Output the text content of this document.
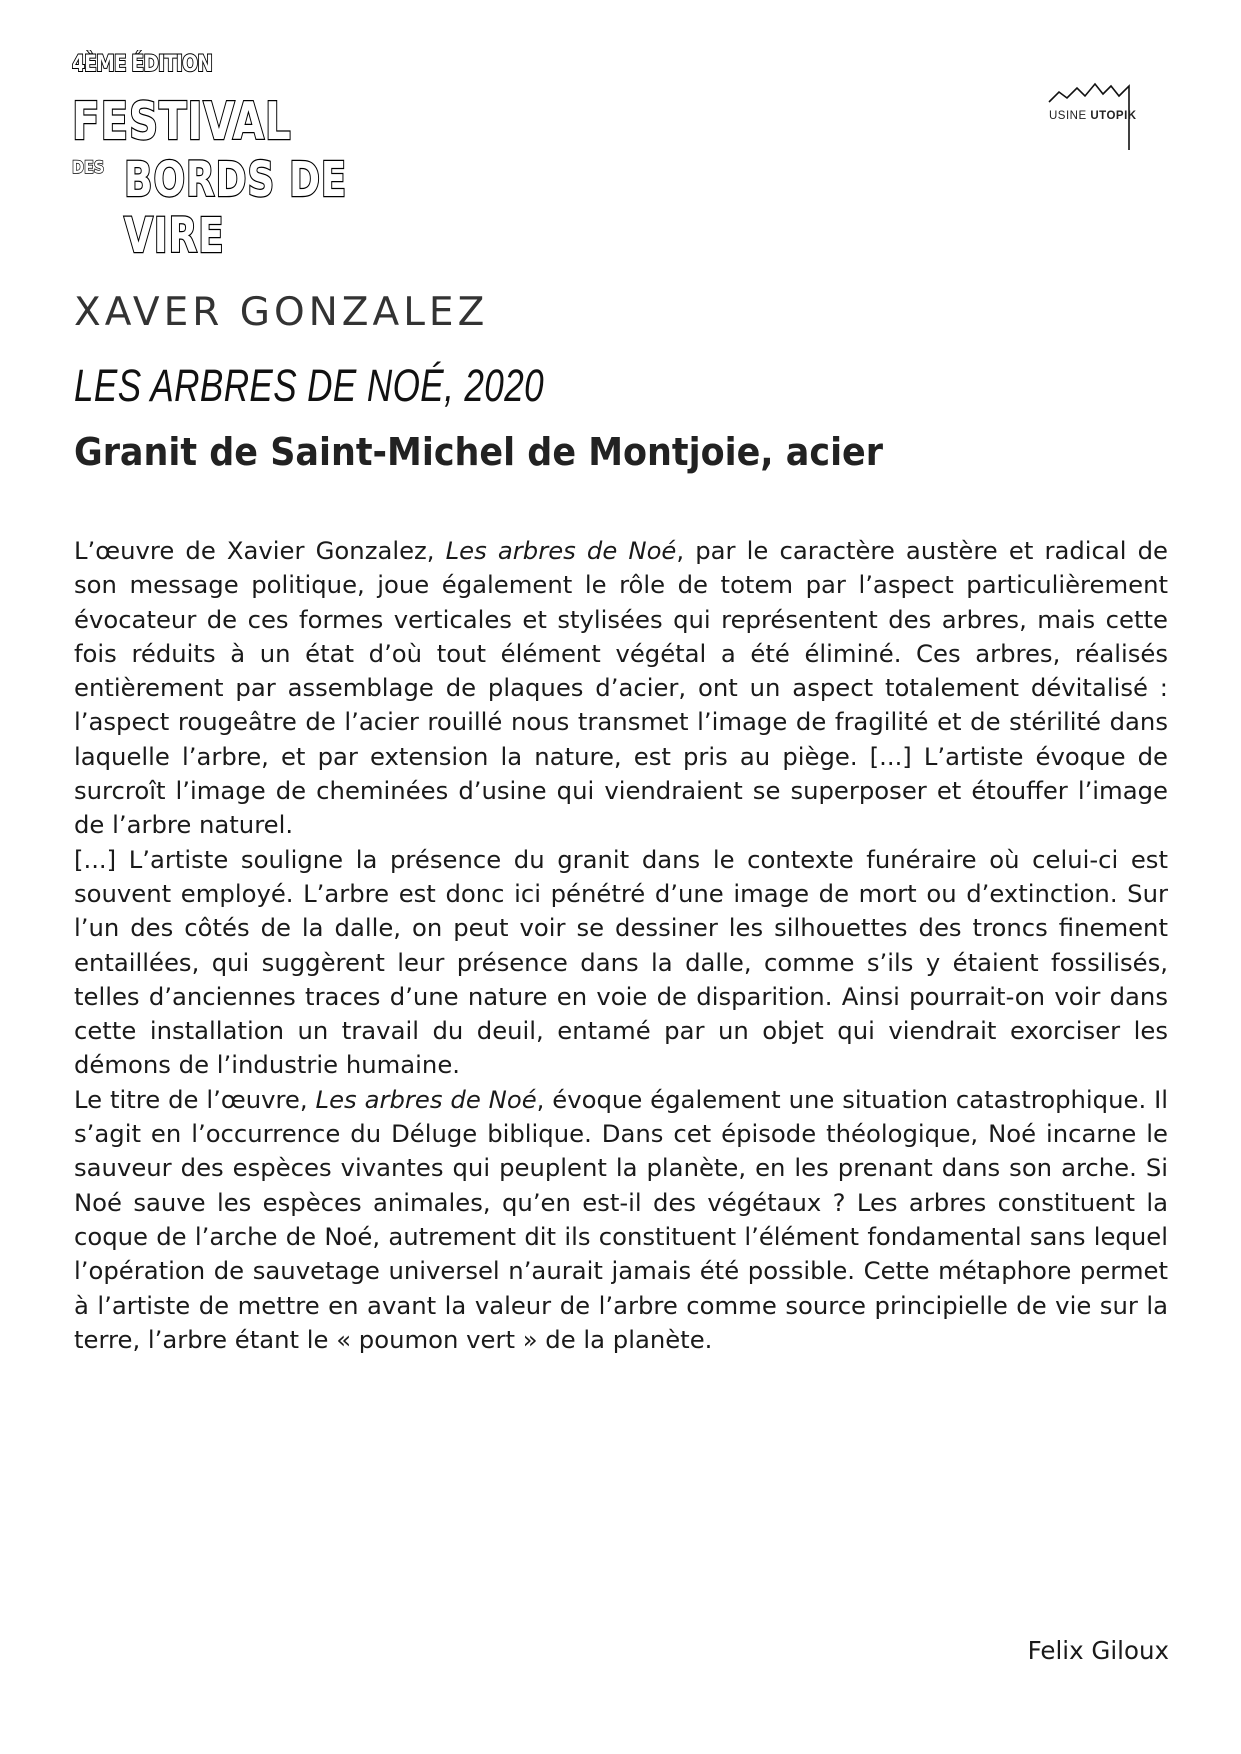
4ÈME ÉDITION
FESTIVAL
DES BORDS DE VIRE
USINE UTOPIK
XAVER GONZALEZ
LES ARBRES DE NOÉ, 2020
Granit de Saint-Michel de Montjoie, acier

L’œuvre de Xavier Gonzalez, Les arbres de Noé, par le caractère austère et radical de son message politique, joue également le rôle de totem par l’aspect particulièrement évocateur de ces formes verticales et stylisées qui représentent des arbres, mais cette fois réduits à un état d’où tout élément végétal a été éliminé. Ces arbres, réalisés entièrement par assemblage de plaques d’acier, ont un aspect totalement dévitalisé : l’aspect rougeâtre de l’acier rouillé nous transmet l’image de fragilité et de stérilité dans laquelle l’arbre, et par extension la nature, est pris au piège. [...] L’artiste évoque de surcroît l’image de cheminées d’usine qui viendraient se superposer et étouffer l’image de l’arbre naturel.

[...] L’artiste souligne la présence du granit dans le contexte funéraire où celui-ci est souvent employé. L’arbre est donc ici pénétré d’une image de mort ou d’extinction. Sur l’un des côtés de la dalle, on peut voir se dessiner les silhouettes des troncs finement entaillées, qui suggèrent leur présence dans la dalle, comme s’ils y étaient fossilisés, telles d’anciennes traces d’une nature en voie de disparition. Ainsi pourrait-on voir dans cette installation un travail du deuil, entamé par un objet qui viendrait exorciser les démons de l’industrie humaine.

Le titre de l’œuvre, Les arbres de Noé, évoque également une situation catastrophique. Il s’agit en l’occurrence du Déluge biblique. Dans cet épisode théologique, Noé incarne le sauveur des espèces vivantes qui peuplent la planète, en les prenant dans son arche. Si Noé sauve les espèces animales, qu’en est-il des végétaux ? Les arbres constituent la coque de l’arche de Noé, autrement dit ils constituent l’élément fondamental sans lequel l’opération de sauvetage universel n’aurait jamais été possible. Cette métaphore permet à l’artiste de mettre en avant la valeur de l’arbre comme source principielle de vie sur la terre, l’arbre étant le « poumon vert » de la planète.

Felix Giloux
